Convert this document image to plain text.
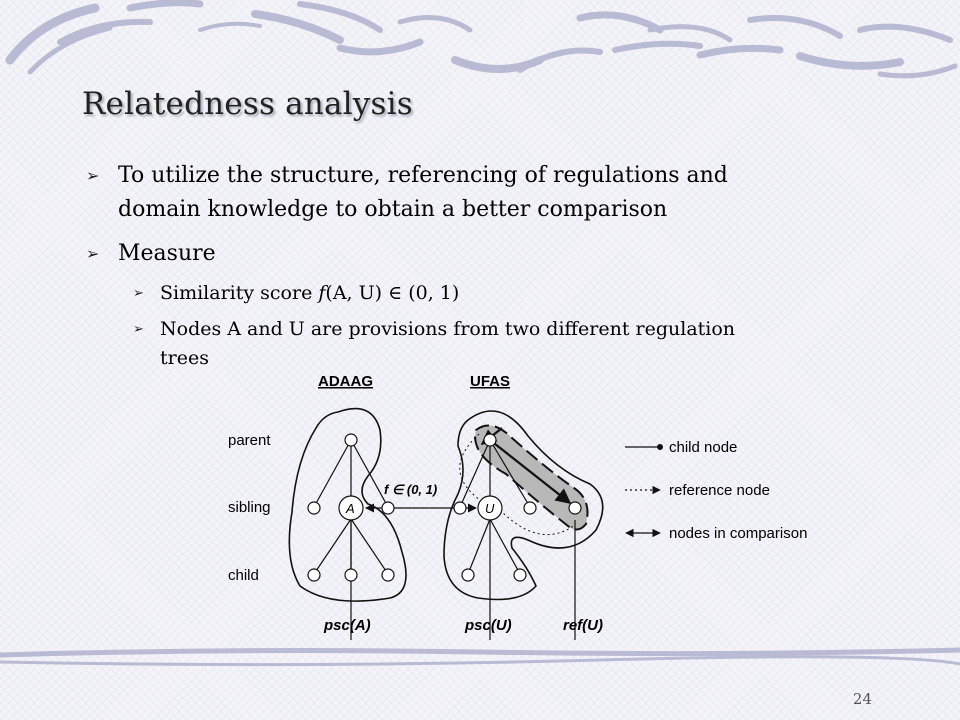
Relatedness analysis
➢ To utilize the structure, referencing of regulations and
domain knowledge to obtain a better comparison
➢ Measure
➢ Similarity score f(A, U) ∈ (0, 1)
➢ Nodes A and U are provisions from two different regulation
trees
ADAAG	UFAS
parent
sibling
child
f ∈ (0, 1)
A	U
psc(A)	psc(U)	ref(U)
child node
reference node
nodes in comparison
24
